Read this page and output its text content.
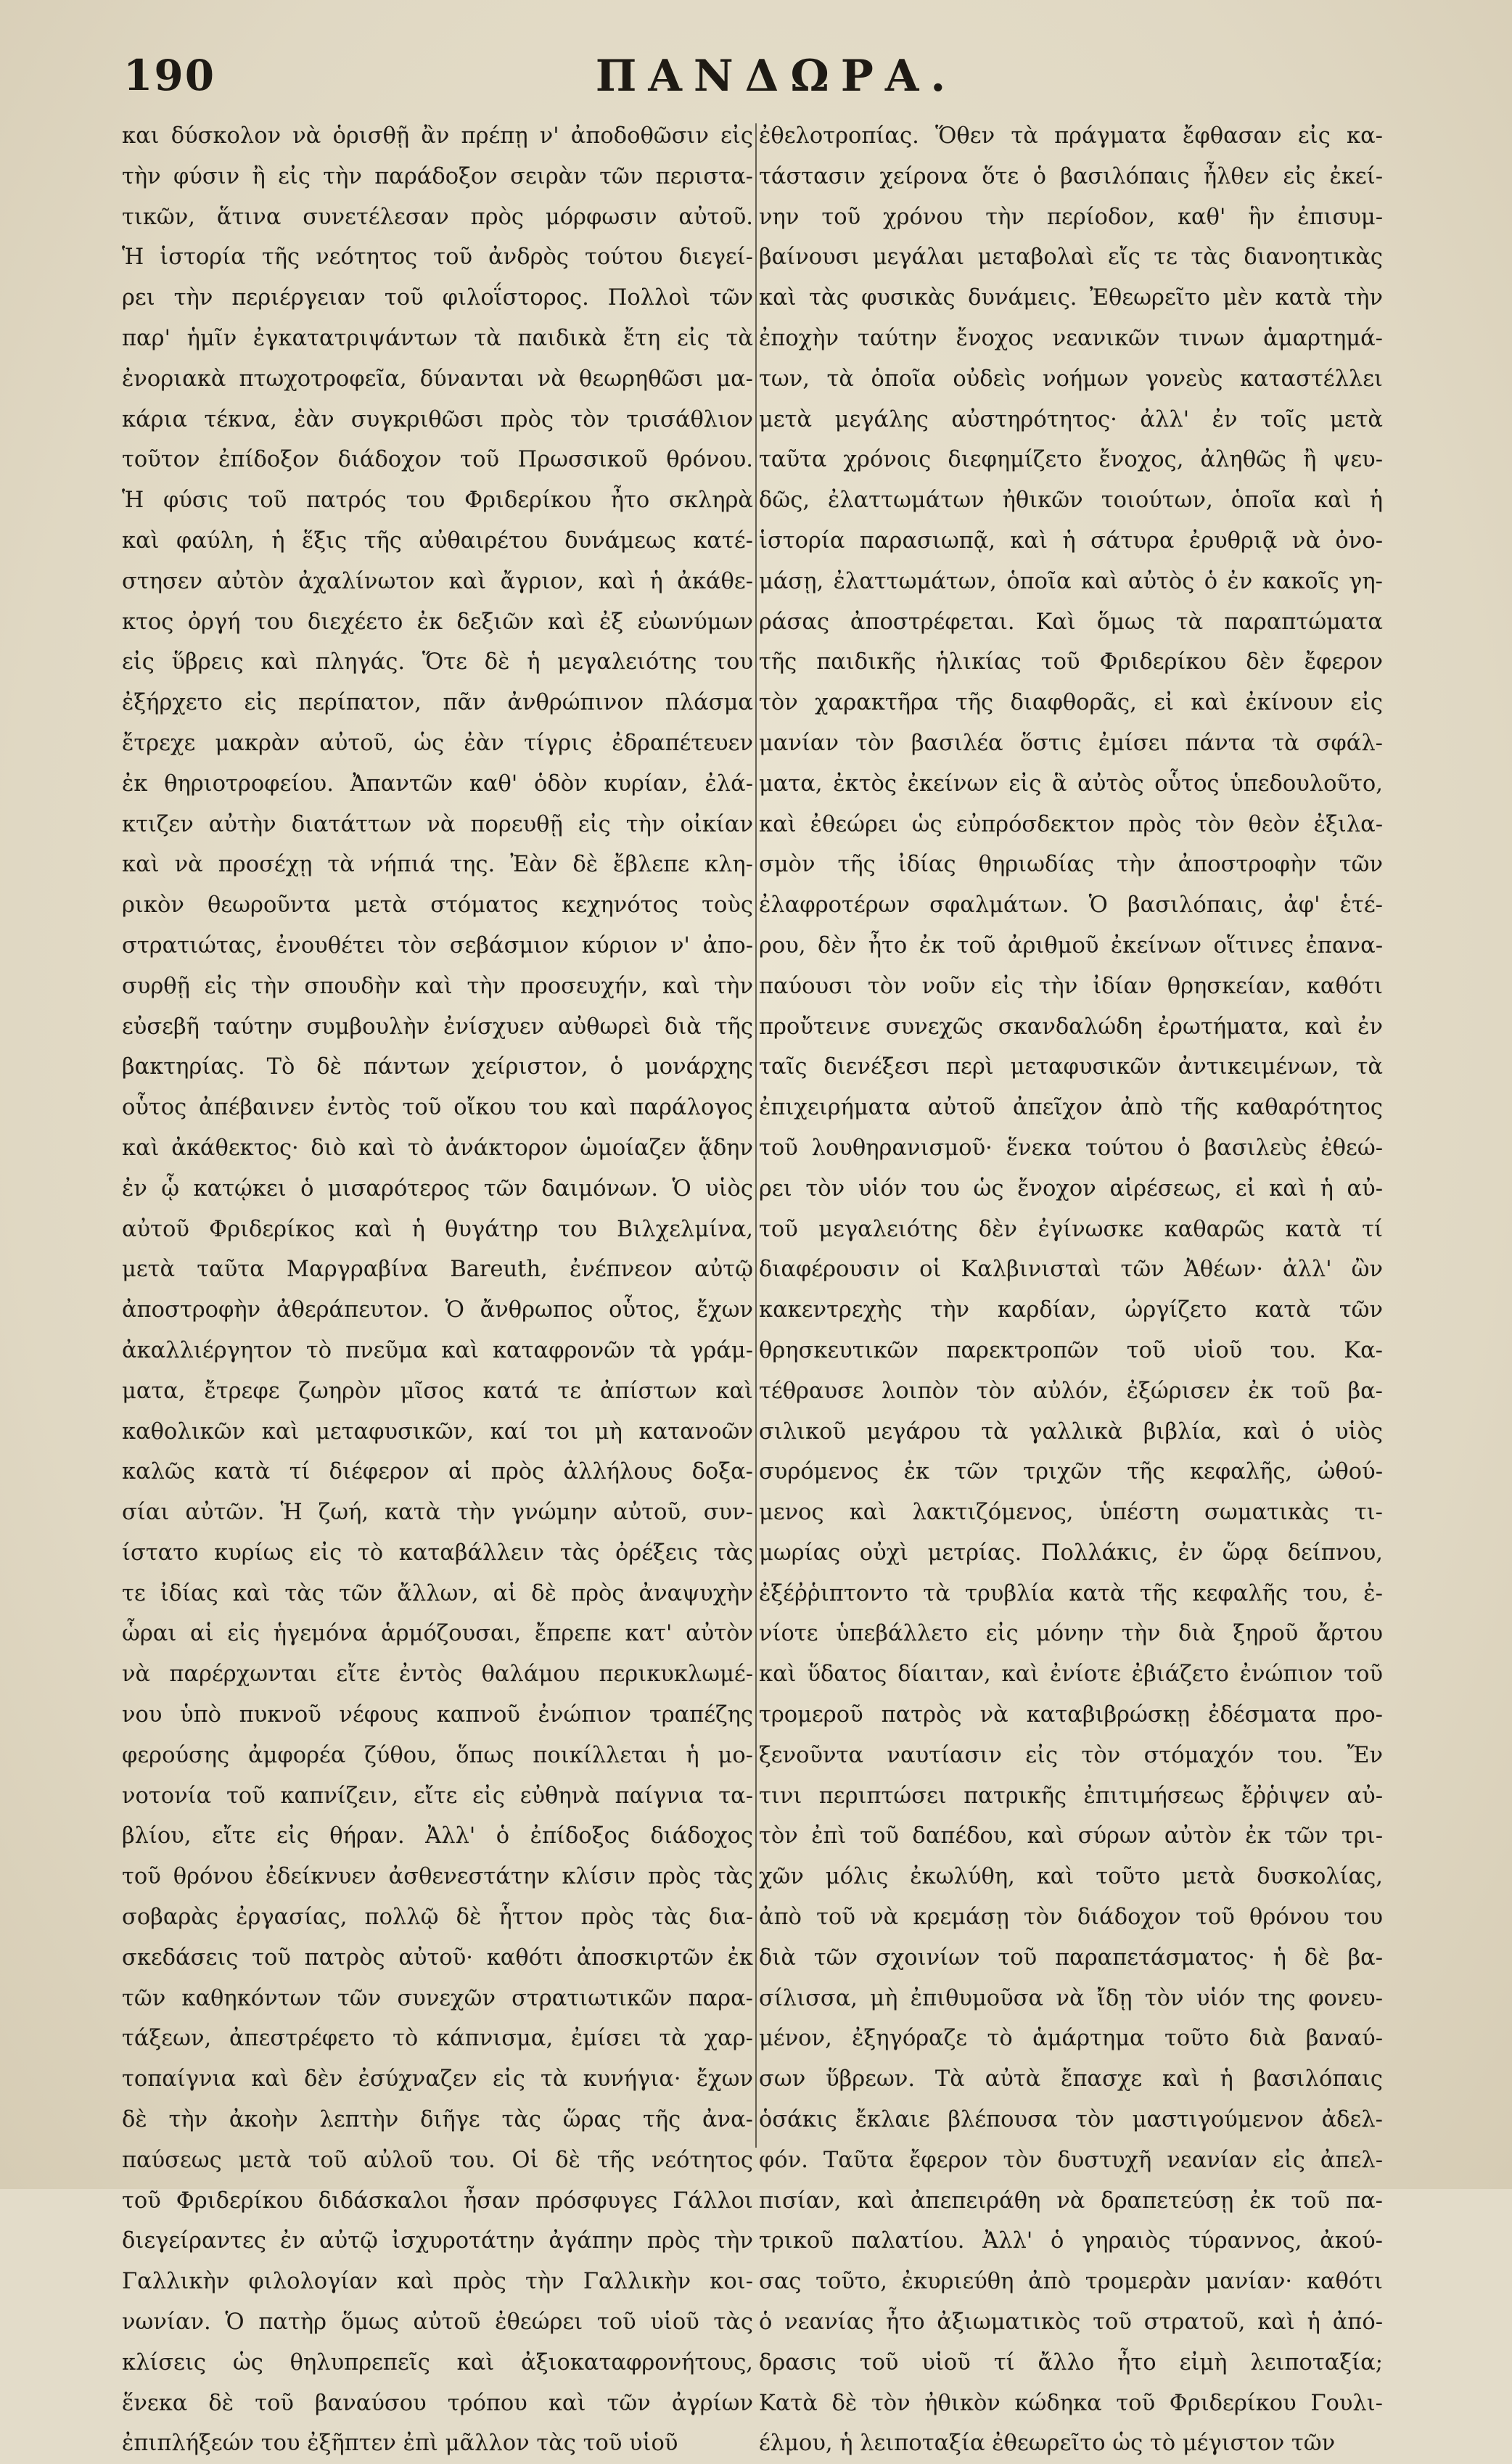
190	ΠΑΝΔΩΡΑ.
και δύσκολον νὰ ὁρισθῇ ἂν πρέπῃ ν' ἀποδοθῶσιν εἰς
τὴν φύσιν ἢ εἰς τὴν παράδοξον σειρὰν τῶν περιστα-
τικῶν, ἅτινα συνετέλεσαν πρὸς μόρφωσιν αὐτοῦ.
Ἡ ἱστορία τῆς νεότητος τοῦ ἀνδρὸς τούτου διεγεί-
ρει τὴν περιέργειαν τοῦ φιλοΐστορος. Πολλοὶ τῶν
παρ' ἡμῖν ἐγκατατριψάντων τὰ παιδικὰ ἔτη εἰς τὰ
ἐνοριακὰ πτωχοτροφεῖα, δύνανται νὰ θεωρηθῶσι μα-
κάρια τέκνα, ἐὰν συγκριθῶσι πρὸς τὸν τρισάθλιον
τοῦτον ἐπίδοξον διάδοχον τοῦ Πρωσσικοῦ θρόνου.
Ἡ φύσις τοῦ πατρός του Φριδερίκου ἦτο σκληρὰ
καὶ φαύλη, ἡ ἕξις τῆς αὐθαιρέτου δυνάμεως κατέ-
στησεν αὐτὸν ἀχαλίνωτον καὶ ἄγριον, καὶ ἡ ἀκάθε-
κτος ὀργή του διεχέετο ἐκ δεξιῶν καὶ ἐξ εὐωνύμων
εἰς ὕβρεις καὶ πληγάς. Ὅτε δὲ ἡ μεγαλειότης του
ἐξήρχετο εἰς περίπατον, πᾶν ἀνθρώπινον πλάσμα
ἔτρεχε μακρὰν αὐτοῦ, ὡς ἐὰν τίγρις ἐδραπέτευεν
ἐκ θηριοτροφείου. Ἀπαντῶν καθ' ὁδὸν κυρίαν, ἐλά-
κτιζεν αὐτὴν διατάττων νὰ πορευθῇ εἰς τὴν οἰκίαν
καὶ νὰ προσέχῃ τὰ νήπιά της. Ἐὰν δὲ ἔβλεπε κλη-
ρικὸν θεωροῦντα μετὰ στόματος κεχηνότος τοὺς
στρατιώτας, ἐνουθέτει τὸν σεβάσμιον κύριον ν' ἀπο-
συρθῇ εἰς τὴν σπουδὴν καὶ τὴν προσευχήν, καὶ τὴν
εὐσεβῆ ταύτην συμβουλὴν ἐνίσχυεν αὐθωρεὶ διὰ τῆς
βακτηρίας. Τὸ δὲ πάντων χείριστον, ὁ μονάρχης
οὗτος ἀπέβαινεν ἐντὸς τοῦ οἴκου του καὶ παράλογος
καὶ ἀκάθεκτος· διὸ καὶ τὸ ἀνάκτορον ὡμοίαζεν ᾅδην
ἐν ᾧ κατῴκει ὁ μισαρότερος τῶν δαιμόνων. Ὁ υἱὸς
αὐτοῦ Φριδερίκος καὶ ἡ θυγάτηρ του Βιλχελμίνα,
μετὰ ταῦτα Μαργραβίνα Bareuth, ἐνέπνεον αὐτῷ
ἀποστροφὴν ἀθεράπευτον. Ὁ ἄνθρωπος οὗτος, ἔχων
ἀκαλλιέργητον τὸ πνεῦμα καὶ καταφρονῶν τὰ γράμ-
ματα, ἔτρεφε ζωηρὸν μῖσος κατά τε ἀπίστων καὶ
καθολικῶν καὶ μεταφυσικῶν, καί τοι μὴ κατανοῶν
καλῶς κατὰ τί διέφερον αἱ πρὸς ἀλλήλους δοξα-
σίαι αὐτῶν. Ἡ ζωή, κατὰ τὴν γνώμην αὐτοῦ, συν-
ίστατο κυρίως εἰς τὸ καταβάλλειν τὰς ὀρέξεις τὰς
τε ἰδίας καὶ τὰς τῶν ἄλλων, αἱ δὲ πρὸς ἀναψυχὴν
ὧραι αἱ εἰς ἡγεμόνα ἁρμόζουσαι, ἔπρεπε κατ' αὐτὸν
νὰ παρέρχωνται εἴτε ἐντὸς θαλάμου περικυκλωμέ-
νου ὑπὸ πυκνοῦ νέφους καπνοῦ ἐνώπιον τραπέζης
φερούσης ἀμφορέα ζύθου, ὅπως ποικίλλεται ἡ μο-
νοτονία τοῦ καπνίζειν, εἴτε εἰς εὐθηνὰ παίγνια τα-
βλίου, εἴτε εἰς θήραν. Ἀλλ' ὁ ἐπίδοξος διάδοχος
τοῦ θρόνου ἐδείκνυεν ἀσθενεστάτην κλίσιν πρὸς τὰς
σοβαρὰς ἐργασίας, πολλῷ δὲ ἧττον πρὸς τὰς δια-
σκεδάσεις τοῦ πατρὸς αὐτοῦ· καθότι ἀποσκιρτῶν ἐκ
τῶν καθηκόντων τῶν συνεχῶν στρατιωτικῶν παρα-
τάξεων, ἀπεστρέφετο τὸ κάπνισμα, ἐμίσει τὰ χαρ-
τοπαίγνια καὶ δὲν ἐσύχναζεν εἰς τὰ κυνήγια· ἔχων
δὲ τὴν ἀκοὴν λεπτὴν διῆγε τὰς ὥρας τῆς ἀνα-
παύσεως μετὰ τοῦ αὐλοῦ του. Οἱ δὲ τῆς νεότητος
τοῦ Φριδερίκου διδάσκαλοι ἦσαν πρόσφυγες Γάλλοι
διεγείραντες ἐν αὐτῷ ἰσχυροτάτην ἀγάπην πρὸς τὴν
Γαλλικὴν φιλολογίαν καὶ πρὸς τὴν Γαλλικὴν κοι-
νωνίαν. Ὁ πατὴρ ὅμως αὐτοῦ ἐθεώρει τοῦ υἱοῦ τὰς
κλίσεις ὡς θηλυπρεπεῖς καὶ ἀξιοκαταφρονήτους,
ἕνεκα δὲ τοῦ βαναύσου τρόπου καὶ τῶν ἀγρίων
ἐπιπλήξεών του ἐξῆπτεν ἐπὶ μᾶλλον τὰς τοῦ υἱοῦ
ἐθελοτροπίας. Ὅθεν τὰ πράγματα ἔφθασαν εἰς κα-
τάστασιν χείρονα ὅτε ὁ βασιλόπαις ἦλθεν εἰς ἐκεί-
νην τοῦ χρόνου τὴν περίοδον, καθ' ἣν ἐπισυμ-
βαίνουσι μεγάλαι μεταβολαὶ εἴς τε τὰς διανοητικὰς
καὶ τὰς φυσικὰς δυνάμεις. Ἐθεωρεῖτο μὲν κατὰ τὴν
ἐποχὴν ταύτην ἔνοχος νεανικῶν τινων ἁμαρτημά-
των, τὰ ὁποῖα οὐδεὶς νοήμων γονεὺς καταστέλλει
μετὰ μεγάλης αὐστηρότητος· ἀλλ' ἐν τοῖς μετὰ
ταῦτα χρόνοις διεφημίζετο ἔνοχος, ἀληθῶς ἢ ψευ-
δῶς, ἐλαττωμάτων ἠθικῶν τοιούτων, ὁποῖα καὶ ἡ
ἱστορία παρασιωπᾷ, καὶ ἡ σάτυρα ἐρυθριᾷ νὰ ὀνο-
μάσῃ, ἐλαττωμάτων, ὁποῖα καὶ αὐτὸς ὁ ἐν κακοῖς γη-
ράσας ἀποστρέφεται. Καὶ ὅμως τὰ παραπτώματα
τῆς παιδικῆς ἡλικίας τοῦ Φριδερίκου δὲν ἔφερον
τὸν χαρακτῆρα τῆς διαφθορᾶς, εἰ καὶ ἐκίνουν εἰς
μανίαν τὸν βασιλέα ὅστις ἐμίσει πάντα τὰ σφάλ-
ματα, ἐκτὸς ἐκείνων εἰς ἃ αὐτὸς οὗτος ὑπεδουλοῦτο,
καὶ ἐθεώρει ὡς εὐπρόσδεκτον πρὸς τὸν θεὸν ἐξιλα-
σμὸν τῆς ἰδίας θηριωδίας τὴν ἀποστροφὴν τῶν
ἐλαφροτέρων σφαλμάτων. Ὁ βασιλόπαις, ἀφ' ἑτέ-
ρου, δὲν ἦτο ἐκ τοῦ ἀριθμοῦ ἐκείνων οἵτινες ἐπανα-
παύουσι τὸν νοῦν εἰς τὴν ἰδίαν θρησκείαν, καθότι
προὔτεινε συνεχῶς σκανδαλώδη ἐρωτήματα, καὶ ἐν
ταῖς διενέξεσι περὶ μεταφυσικῶν ἀντικειμένων, τὰ
ἐπιχειρήματα αὐτοῦ ἀπεῖχον ἀπὸ τῆς καθαρότητος
τοῦ λουθηρανισμοῦ· ἕνεκα τούτου ὁ βασιλεὺς ἐθεώ-
ρει τὸν υἱόν του ὡς ἔνοχον αἱρέσεως, εἰ καὶ ἡ αὐ-
τοῦ μεγαλειότης δὲν ἐγίνωσκε καθαρῶς κατὰ τί
διαφέρουσιν οἱ Καλβινισταὶ τῶν Ἀθέων· ἀλλ' ὢν
κακεντρεχὴς τὴν καρδίαν, ὠργίζετο κατὰ τῶν
θρησκευτικῶν παρεκτροπῶν τοῦ υἱοῦ του. Κα-
τέθραυσε λοιπὸν τὸν αὐλόν, ἐξώρισεν ἐκ τοῦ βα-
σιλικοῦ μεγάρου τὰ γαλλικὰ βιβλία, καὶ ὁ υἱὸς
συρόμενος ἐκ τῶν τριχῶν τῆς κεφαλῆς, ὠθού-
μενος καὶ λακτιζόμενος, ὑπέστη σωματικὰς τι-
μωρίας οὐχὶ μετρίας. Πολλάκις, ἐν ὥρᾳ δείπνου,
ἐξέῤῥιπτοντο τὰ τρυβλία κατὰ τῆς κεφαλῆς του, ἐ-
νίοτε ὑπεβάλλετο εἰς μόνην τὴν διὰ ξηροῦ ἄρτου
καὶ ὕδατος δίαιταν, καὶ ἐνίοτε ἐβιάζετο ἐνώπιον τοῦ
τρομεροῦ πατρὸς νὰ καταβιβρώσκῃ ἐδέσματα προ-
ξενοῦντα ναυτίασιν εἰς τὸν στόμαχόν του. Ἔν
τινι περιπτώσει πατρικῆς ἐπιτιμήσεως ἔῤῥιψεν αὐ-
τὸν ἐπὶ τοῦ δαπέδου, καὶ σύρων αὐτὸν ἐκ τῶν τρι-
χῶν μόλις ἐκωλύθη, καὶ τοῦτο μετὰ δυσκολίας,
ἀπὸ τοῦ νὰ κρεμάσῃ τὸν διάδοχον τοῦ θρόνου του
διὰ τῶν σχοινίων τοῦ παραπετάσματος· ἡ δὲ βα-
σίλισσα, μὴ ἐπιθυμοῦσα νὰ ἴδῃ τὸν υἱόν της φονευ-
μένον, ἐξηγόραζε τὸ ἁμάρτημα τοῦτο διὰ βαναύ-
σων ὕβρεων. Τὰ αὐτὰ ἔπασχε καὶ ἡ βασιλόπαις
ὁσάκις ἔκλαιε βλέπουσα τὸν μαστιγούμενον ἀδελ-
φόν. Ταῦτα ἔφερον τὸν δυστυχῆ νεανίαν εἰς ἀπελ-
πισίαν, καὶ ἀπεπειράθη νὰ δραπετεύσῃ ἐκ τοῦ πα-
τρικοῦ παλατίου. Ἀλλ' ὁ γηραιὸς τύραννος, ἀκού-
σας τοῦτο, ἐκυριεύθη ἀπὸ τρομερὰν μανίαν· καθότι
ὁ νεανίας ἦτο ἀξιωματικὸς τοῦ στρατοῦ, καὶ ἡ ἀπό-
δρασις τοῦ υἱοῦ τί ἄλλο ἦτο εἰμὴ λειποταξία;
Κατὰ δὲ τὸν ἠθικὸν κώδηκα τοῦ Φριδερίκου Γουλι-
έλμου, ἡ λειποταξία ἐθεωρεῖτο ὡς τὸ μέγιστον τῶν
